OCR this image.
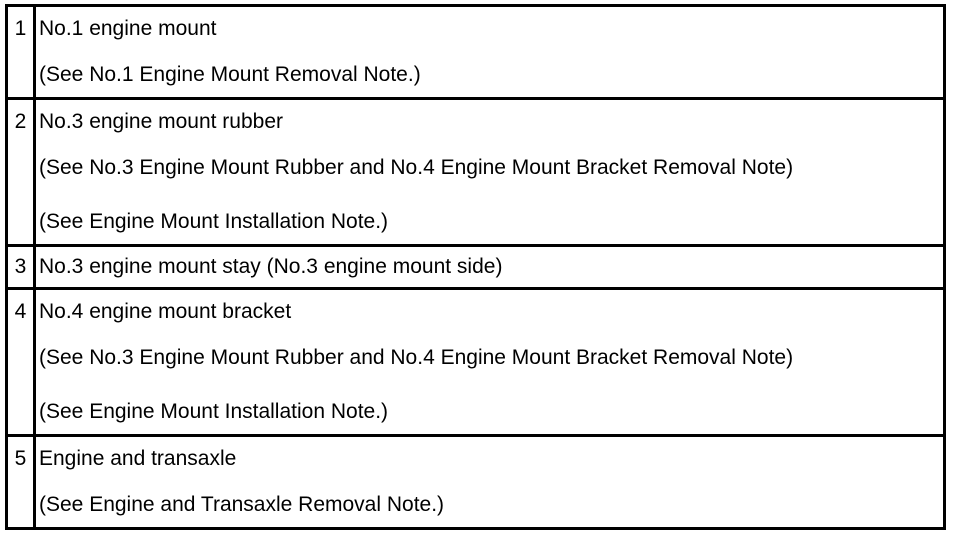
1	No.1 engine mount
(See No.1 Engine Mount Removal Note.)

2	No.3 engine mount rubber
(See No.3 Engine Mount Rubber and No.4 Engine Mount Bracket Removal Note)
(See Engine Mount Installation Note.)

3	No.3 engine mount stay (No.3 engine mount side)

4	No.4 engine mount bracket
(See No.3 Engine Mount Rubber and No.4 Engine Mount Bracket Removal Note)
(See Engine Mount Installation Note.)

5	Engine and transaxle
(See Engine and Transaxle Removal Note.)
